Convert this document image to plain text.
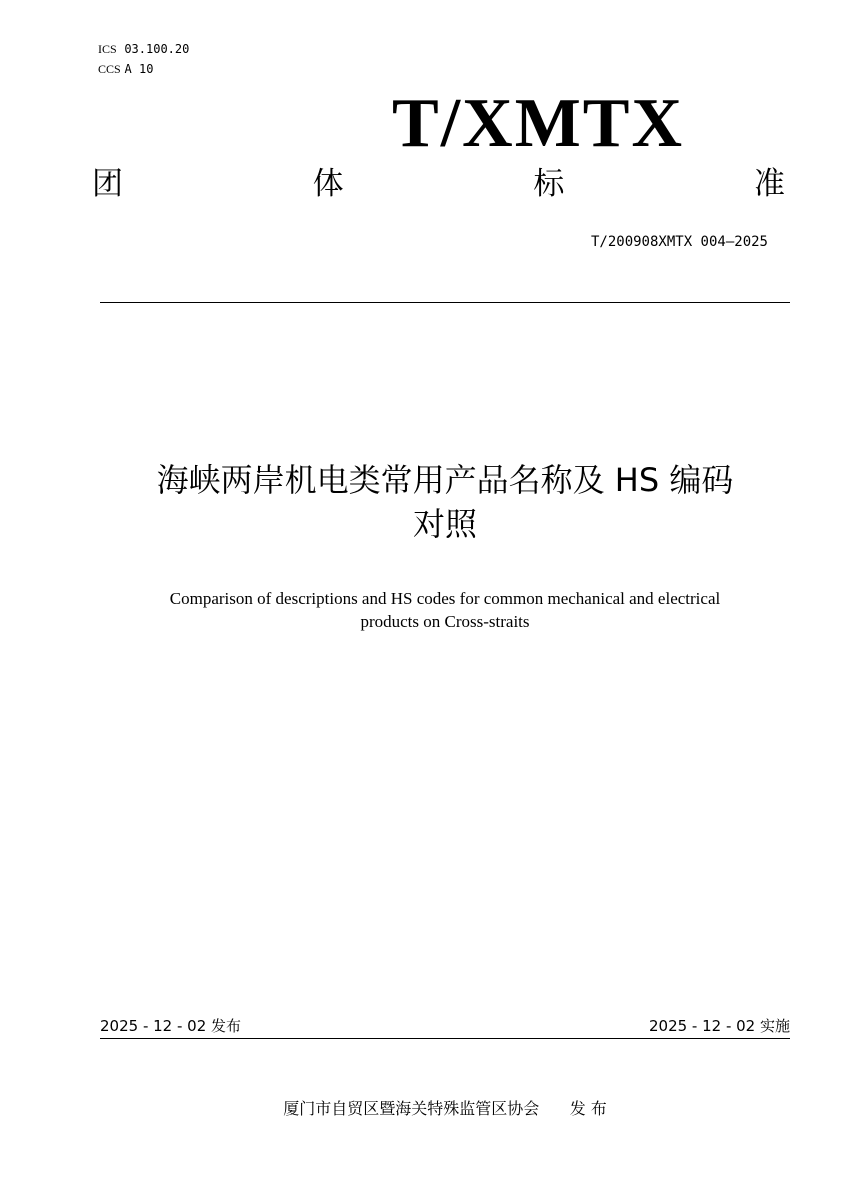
ICS 03.100.20
CCS A 10
T/XMTX
团	体	标	准
T/200908XMTX 004—2025
海峡两岸机电类常用产品名称及 HS 编码
对照
Comparison of descriptions and HS codes for common mechanical and electrical
products on Cross-straits
2025 - 12 - 02 发布	2025 - 12 - 02 实施
厦门市自贸区暨海关特殊监管区协会 发 布
